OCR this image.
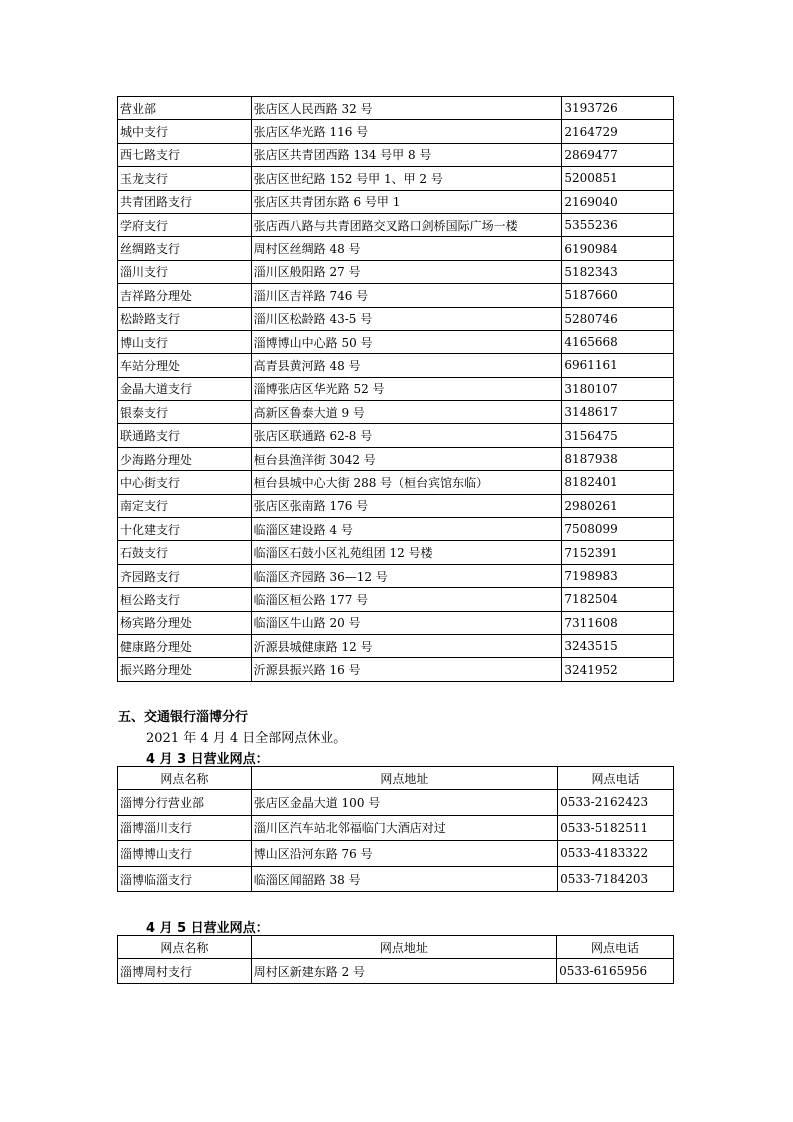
营业部	张店区人民西路 32 号	3193726
城中支行	张店区华光路 116 号	2164729
西七路支行	张店区共青团西路 134 号甲 8 号	2869477
玉龙支行	张店区世纪路 152 号甲 1、甲 2 号	5200851
共青团路支行	张店区共青团东路 6 号甲 1	2169040
学府支行	张店西八路与共青团路交叉路口剑桥国际广场一楼	5355236
丝绸路支行	周村区丝绸路 48 号	6190984
淄川支行	淄川区般阳路 27 号	5182343
吉祥路分理处	淄川区吉祥路 746 号	5187660
松龄路支行	淄川区松龄路 43-5 号	5280746
博山支行	淄博博山中心路 50 号	4165668
车站分理处	高青县黄河路 48 号	6961161
金晶大道支行	淄博张店区华光路 52 号	3180107
银泰支行	高新区鲁泰大道 9 号	3148617
联通路支行	张店区联通路 62-8 号	3156475
少海路分理处	桓台县渔洋街 3042 号	8187938
中心街支行	桓台县城中心大街 288 号（桓台宾馆东临）	8182401
南定支行	张店区张南路 176 号	2980261
十化建支行	临淄区建设路 4 号	7508099
石鼓支行	临淄区石鼓小区礼苑组团 12 号楼	7152391
齐园路支行	临淄区齐园路 36—12 号	7198983
桓公路支行	临淄区桓公路 177 号	7182504
杨宾路分理处	临淄区牛山路 20 号	7311608
健康路分理处	沂源县城健康路 12 号	3243515
振兴路分理处	沂源县振兴路 16 号	3241952
五、交通银行淄博分行
2021 年 4 月 4 日全部网点休业。
4 月 3 日营业网点：
网点名称	网点地址	网点电话
淄博分行营业部	张店区金晶大道 100 号	0533-2162423
淄博淄川支行	淄川区汽车站北邻福临门大酒店对过	0533-5182511
淄博博山支行	博山区沿河东路 76 号	0533-4183322
淄博临淄支行	临淄区闻韶路 38 号	0533-7184203
4 月 5 日营业网点：
网点名称	网点地址	网点电话
淄博周村支行	周村区新建东路 2 号	0533-6165956
